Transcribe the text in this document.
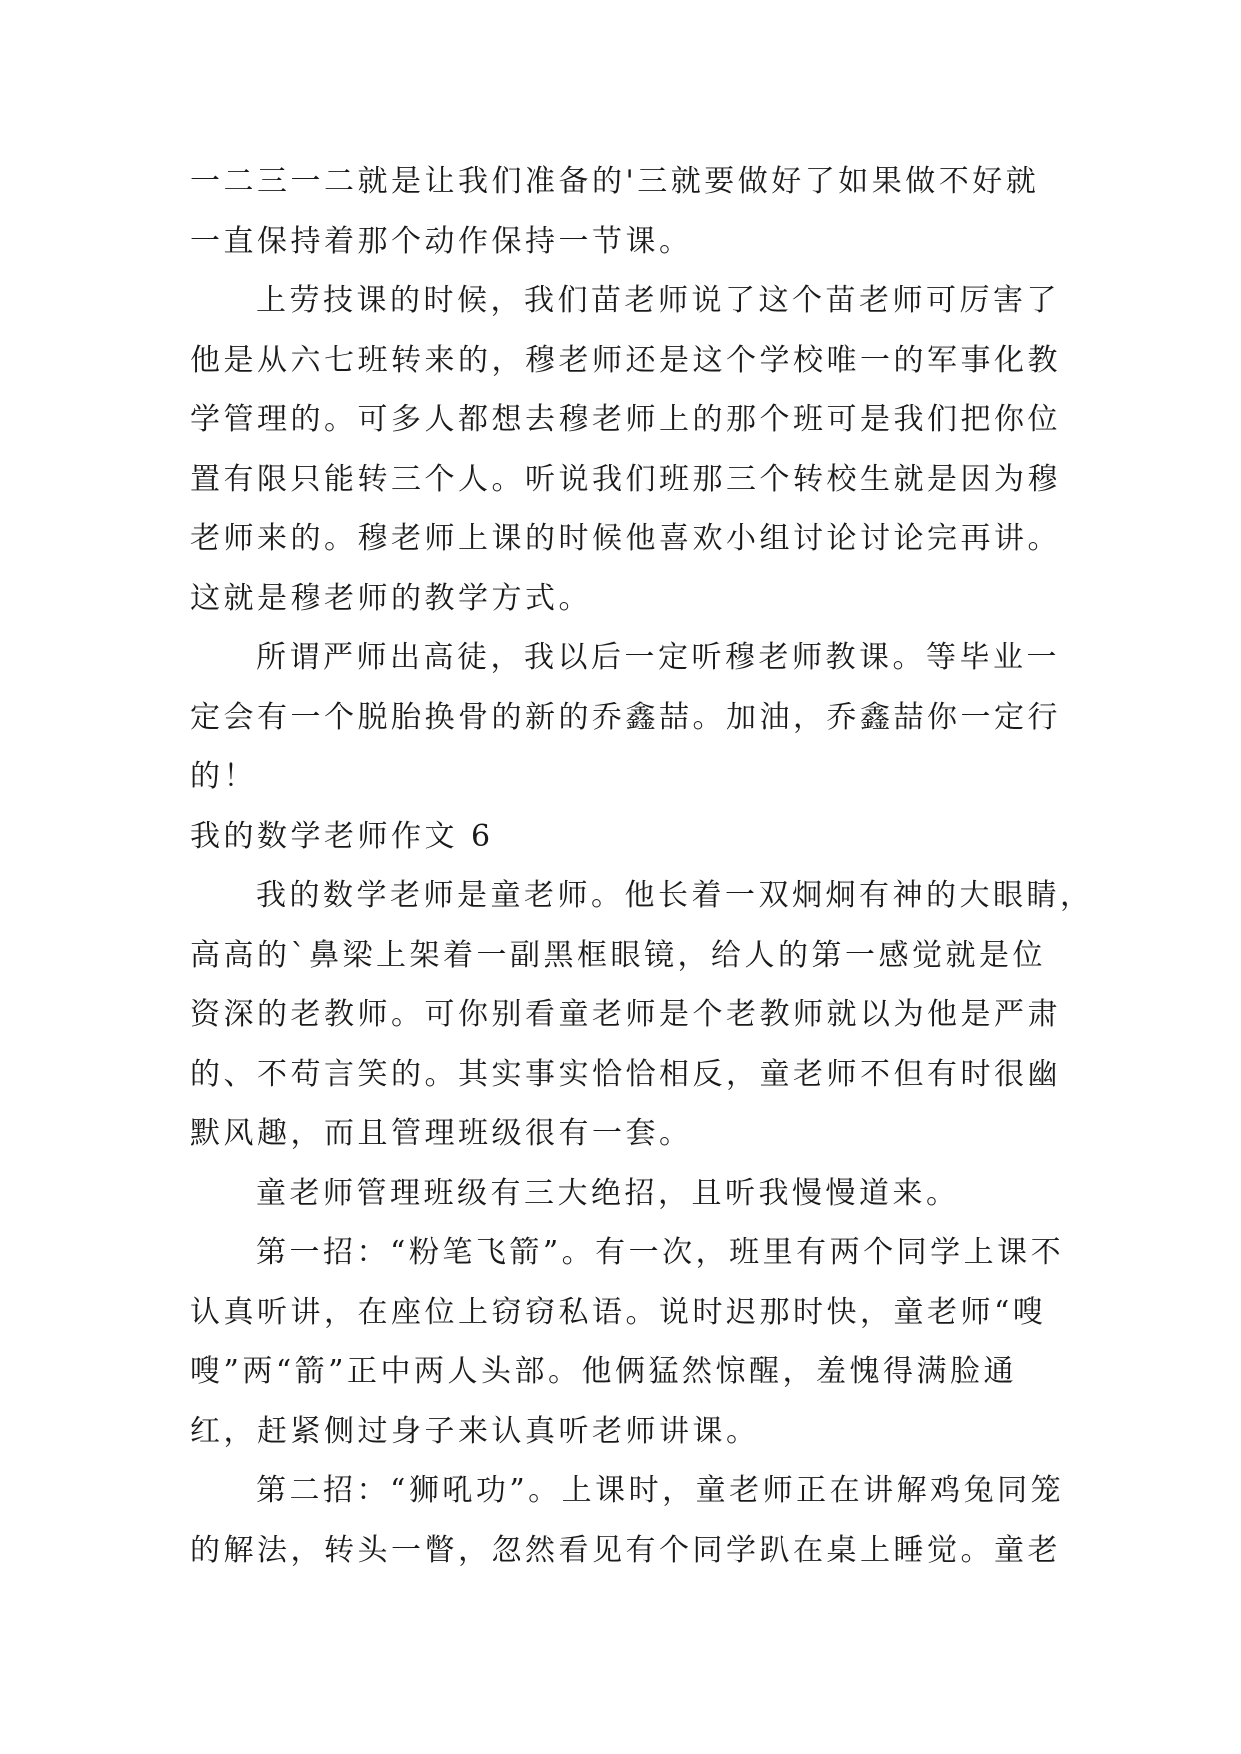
一二三一二就是让我们准备的'三就要做好了如果做不好就
一直保持着那个动作保持一节课。
上劳技课的时候，我们苗老师说了这个苗老师可厉害了
他是从六七班转来的，穆老师还是这个学校唯一的军事化教
学管理的。可多人都想去穆老师上的那个班可是我们把你位
置有限只能转三个人。听说我们班那三个转校生就是因为穆
老师来的。穆老师上课的时候他喜欢小组讨论讨论完再讲。
这就是穆老师的教学方式。
所谓严师出高徒，我以后一定听穆老师教课。等毕业一
定会有一个脱胎换骨的新的乔鑫喆。加油，乔鑫喆你一定行
的！
我的数学老师作文 6
我的数学老师是童老师。他长着一双炯炯有神的大眼睛，
高高的`鼻梁上架着一副黑框眼镜，给人的第一感觉就是位
资深的老教师。可你别看童老师是个老教师就以为他是严肃
的、不苟言笑的。其实事实恰恰相反，童老师不但有时很幽
默风趣，而且管理班级很有一套。
童老师管理班级有三大绝招，且听我慢慢道来。
第一招：“粉笔飞箭”。有一次，班里有两个同学上课不
认真听讲，在座位上窃窃私语。说时迟那时快，童老师“嗖
嗖”两“箭”正中两人头部。他俩猛然惊醒，羞愧得满脸通
红，赶紧侧过身子来认真听老师讲课。
第二招：“狮吼功”。上课时，童老师正在讲解鸡兔同笼
的解法，转头一瞥，忽然看见有个同学趴在桌上睡觉。童老
